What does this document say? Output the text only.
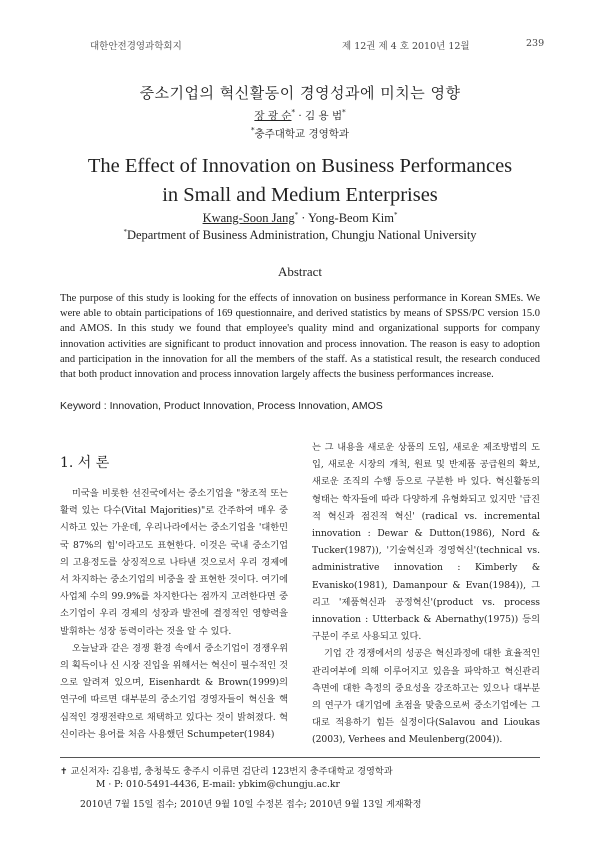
대한안전경영과학회지	제 12권 제 4 호 2010년 12월	239
중소기업의 혁신활동이 경영성과에 미치는 영향
장 광 순* · 김 용 범*
*충주대학교 경영학과
The Effect of Innovation on Business Performances
in Small and Medium Enterprises
Kwang-Soon Jang* · Yong-Beom Kim*
*Department of Business Administration, Chungju National University
Abstract

The purpose of this study is looking for the effects of innovation on business performance in Korean SMEs. We were able to obtain participations of 169 questionnaire, and derived statistics by means of SPSS/PC version 15.0 and AMOS. In this study we found that employee's quality mind and organizational supports for company innovation activities are significant to product innovation and process innovation. The reason is easy to adoption and participation in the innovation for all the members of the staff. As a statistical result, the research conduced that both product innovation and process innovation largely affects the business performances increase.

Keyword : Innovation, Product Innovation, Process Innovation, AMOS
1. 서 론

미국을 비롯한 선진국에서는 중소기업을 "창조적 또는 활력 있는 다수(Vital Majorities)"로 간주하여 매우 중시하고 있는 가운데, 우리나라에서는 중소기업을 '대한민국 87%의 힘'이라고도 표현한다. 이것은 국내 중소기업의 고용정도를 상징적으로 나타낸 것으로서 우리 경제에서 차지하는 중소기업의 비중을 잘 표현한 것이다. 여기에 사업체 수의 99.9%를 차지한다는 점까지 고려한다면 중소기업이 우리 경제의 성장과 발전에 결정적인 영향력을 발휘하는 성장 동력이라는 것을 알 수 있다.

오늘날과 같은 경쟁 환경 속에서 중소기업이 경쟁우위의 획득이나 신 시장 진입을 위해서는 혁신이 필수적인 것으로 알려져 있으며, Eisenhardt & Brown(1999)의 연구에 따르면 대부분의 중소기업 경영자들이 혁신을 핵심적인 경쟁전략으로 채택하고 있다는 것이 밝혀졌다. 혁신이라는 용어를 처음 사용했던 Schumpeter(1984)

는 그 내용을 새로운 상품의 도입, 새로운 제조방법의 도입, 새로운 시장의 개척, 원료 및 반제품 공급원의 확보, 새로운 조직의 수행 등으로 구분한 바 있다. 혁신활동의 형태는 학자들에 따라 다양하게 유형화되고 있지만 '급진적 혁신과 점진적 혁신' (radical vs. incremental innovation : Dewar & Dutton(1986), Nord & Tucker(1987)), '기술혁신과 경영혁신'(technical vs. administrative innovation : Kimberly & Evanisko(1981), Damanpour & Evan(1984)), 그리고 '제품혁신과 공정혁신'(product vs. process innovation : Utterback & Abernathy(1975)) 등의 구분이 주로 사용되고 있다.

기업 간 경쟁에서의 성공은 혁신과정에 대한 효율적인 관리여부에 의해 이루어지고 있음을 파악하고 혁신관리 측면에 대한 측정의 중요성을 강조하고는 있으나 대부분의 연구가 대기업에 초점을 맞춤으로써 중소기업에는 그대로 적용하기 힘든 실정이다(Salavou and Lioukas (2003), Verhees and Meulenberg(2004)).

✝ 교신저자: 김용범, 충청북도 충주시 이류면 검단리 123번지 충주대학교 경영학과
M · P: 010-5491-4436, E-mail: ybkim@chungju.ac.kr
2010년 7월 15일 접수; 2010년 9월 10일 수정본 접수; 2010년 9월 13일 게재확정
